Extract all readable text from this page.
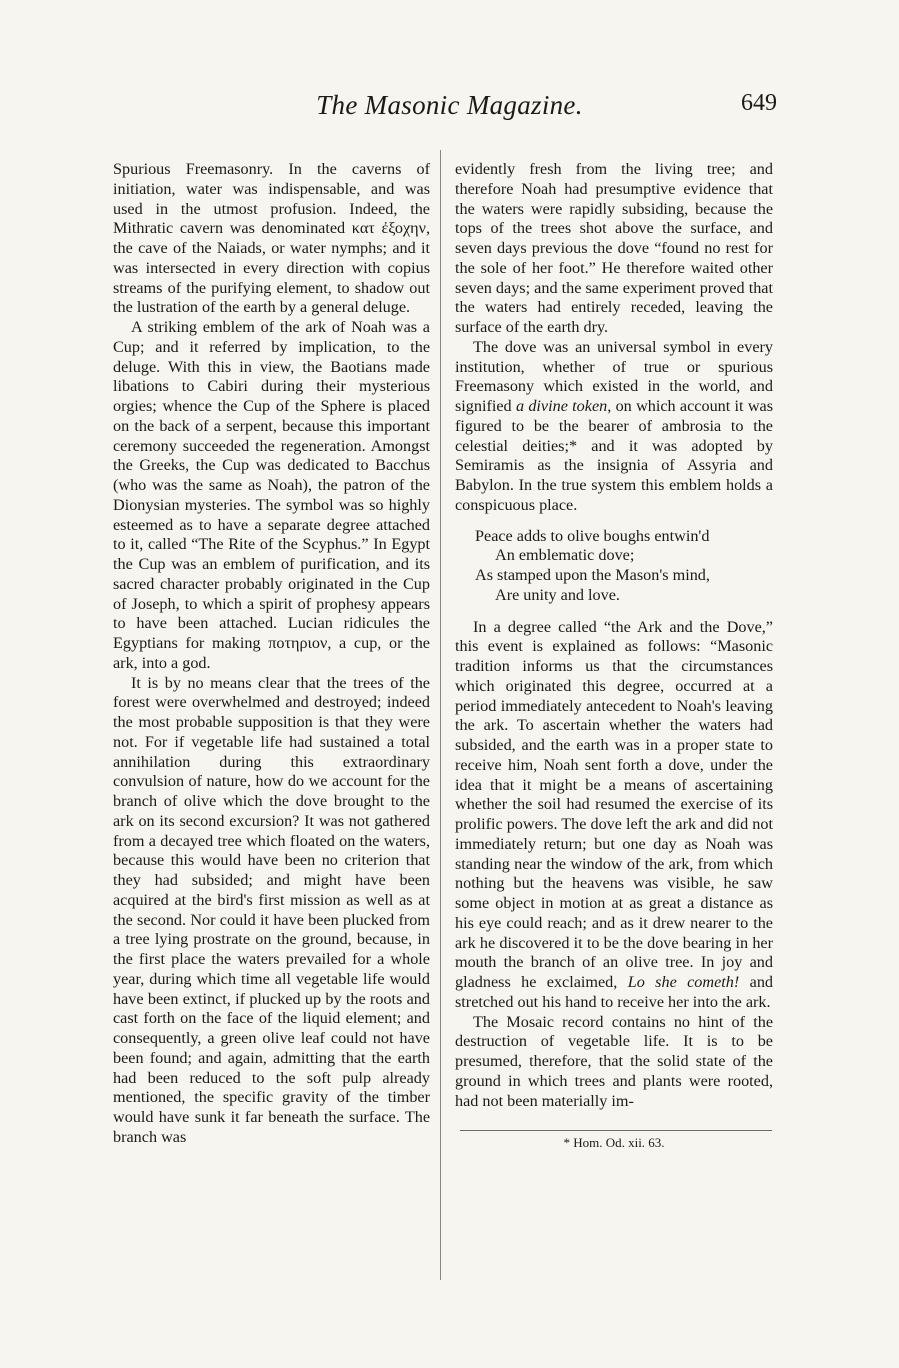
The Masonic Magazine.	649

Spurious Freemasonry. In the caverns of initiation, water was indispensable, and was used in the utmost profusion. Indeed, the Mithratic cavern was denominated κατ ἐξοχην, the cave of the Naiads, or water nymphs; and it was intersected in every direction with copius streams of the purifying element, to shadow out the lustration of the earth by a general deluge.

A striking emblem of the ark of Noah was a Cup; and it referred by implication, to the deluge. With this in view, the Baotians made libations to Cabiri during their mysterious orgies; whence the Cup of the Sphere is placed on the back of a serpent, because this important ceremony succeeded the regeneration. Amongst the Greeks, the Cup was dedicated to Bacchus (who was the same as Noah), the patron of the Dionysian mysteries. The symbol was so highly esteemed as to have a separate degree attached to it, called “The Rite of the Scyphus.” In Egypt the Cup was an emblem of purification, and its sacred character probably originated in the Cup of Joseph, to which a spirit of prophesy appears to have been attached. Lucian ridicules the Egyptians for making ποτηριον, a cup, or the ark, into a god.

It is by no means clear that the trees of the forest were overwhelmed and destroyed; indeed the most probable supposition is that they were not. For if vegetable life had sustained a total annihilation during this extraordinary convulsion of nature, how do we account for the branch of olive which the dove brought to the ark on its second excursion? It was not gathered from a decayed tree which floated on the waters, because this would have been no criterion that they had subsided; and might have been acquired at the bird's first mission as well as at the second. Nor could it have been plucked from a tree lying prostrate on the ground, because, in the first place the waters prevailed for a whole year, during which time all vegetable life would have been extinct, if plucked up by the roots and cast forth on the face of the liquid element; and consequently, a green olive leaf could not have been found; and again, admitting that the earth had been reduced to the soft pulp already mentioned, the specific gravity of the timber would have sunk it far beneath the surface. The branch was

evidently fresh from the living tree; and therefore Noah had presumptive evidence that the waters were rapidly subsiding, because the tops of the trees shot above the surface, and seven days previous the dove “found no rest for the sole of her foot.” He therefore waited other seven days; and the same experiment proved that the waters had entirely receded, leaving the surface of the earth dry.

The dove was an universal symbol in every institution, whether of true or spurious Freemasony which existed in the world, and signified a divine token, on which account it was figured to be the bearer of ambrosia to the celestial deities;* and it was adopted by Semiramis as the insignia of Assyria and Babylon. In the true system this emblem holds a conspicuous place.

Peace adds to olive boughs entwin'd
An emblematic dove;
As stamped upon the Mason's mind,
Are unity and love.

In a degree called “the Ark and the Dove,” this event is explained as follows: “Masonic tradition informs us that the circumstances which originated this degree, occurred at a period immediately antecedent to Noah's leaving the ark. To ascertain whether the waters had subsided, and the earth was in a proper state to receive him, Noah sent forth a dove, under the idea that it might be a means of ascertaining whether the soil had resumed the exercise of its prolific powers. The dove left the ark and did not immediately return; but one day as Noah was standing near the window of the ark, from which nothing but the heavens was visible, he saw some object in motion at as great a distance as his eye could reach; and as it drew nearer to the ark he discovered it to be the dove bearing in her mouth the branch of an olive tree. In joy and gladness he exclaimed, Lo she cometh! and stretched out his hand to receive her into the ark.

The Mosaic record contains no hint of the destruction of vegetable life. It is to be presumed, therefore, that the solid state of the ground in which trees and plants were rooted, had not been materially im-

* Hom. Od. xii. 63.
